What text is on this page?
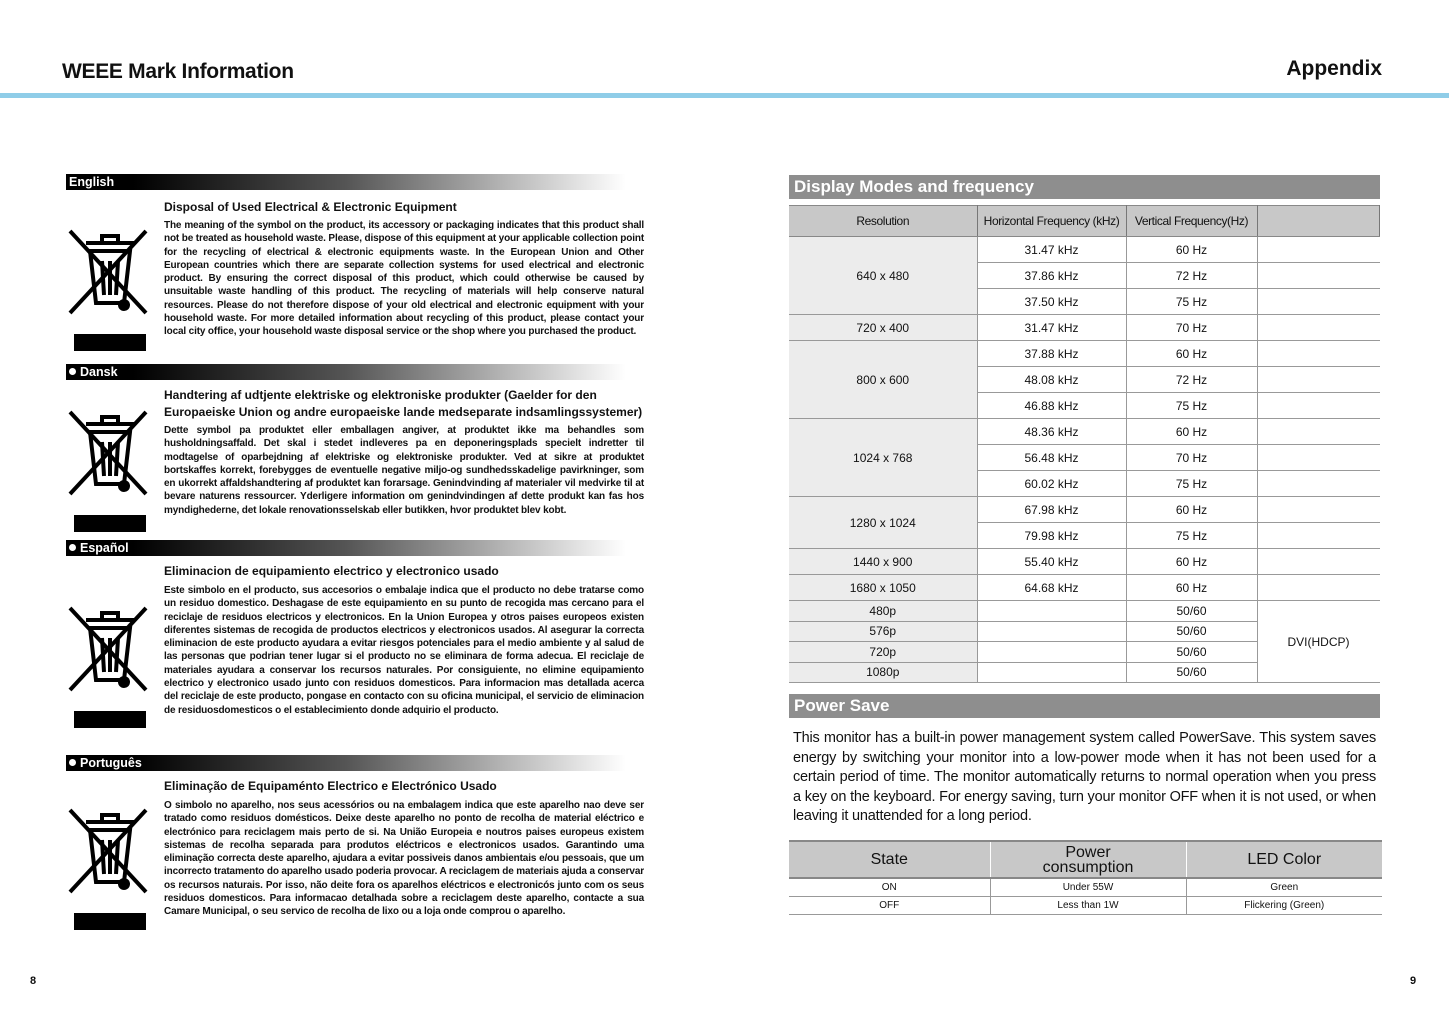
WEEE Mark Information	Appendix
English
Disposal of Used Electrical & Electronic Equipment
The meaning of the symbol on the product, its accessory or packaging indicates that this product shall not be treated as household waste. Please, dispose of this equipment at your applicable collection point for the recycling of electrical & electronic equipments waste. In the European Union and Other European countries which there are separate collection systems for used electrical and electronic product. By ensuring the correct disposal of this product, which could otherwise be caused by unsuitable waste handling of this product. The recycling of materials will help conserve natural resources. Please do not therefore dispose of your old electrical and electronic equipment with your household waste. For more detailed information about recycling of this product, please contact your local city office, your household waste disposal service or the shop where you purchased the product.
Dansk
Handtering af udtjente elektriske og elektroniske produkter (Gaelder for den Europaeiske Union og andre europaeiske lande medseparate indsamlingssystemer)
Dette symbol pa produktet eller emballagen angiver, at produktet ikke ma behandles som husholdningsaffald. Det skal i stedet indleveres pa en deponeringsplads specielt indretter til modtagelse of oparbejdning af elektriske og elektroniske produkter. Ved at sikre at produktet bortskaffes korrekt, forebygges de eventuelle negative miljo-og sundhedsskadelige pavirkninger, som en ukorrekt affaldshandtering af produktet kan forarsage. Genindvinding af materialer vil medvirke til at bevare naturens ressourcer. Yderligere information om genindvindingen af dette produkt kan fas hos myndighederne, det lokale renovationsselskab eller butikken, hvor produktet blev kobt.
Español
Eliminacion de equipamiento electrico y electronico usado
Este simbolo en el producto, sus accesorios o embalaje indica que el producto no debe tratarse como un residuo domestico. Deshagase de este equipamiento en su punto de recogida mas cercano para el reciclaje de residuos electricos y electronicos. En la Union Europea y otros paises europeos existen diferentes sistemas de recogida de productos electricos y electronicos usados. Al asegurar la correcta eliminacion de este producto ayudara a evitar riesgos potenciales para el medio ambiente y al salud de las personas que podrian tener lugar si el producto no se eliminara de forma adecua. El reciclaje de materiales ayudara a conservar los recursos naturales. Por consiguiente, no elimine equipamiento electrico y electronico usado junto con residuos domesticos. Para informacion mas detallada acerca del reciclaje de este producto, pongase en contacto con su oficina municipal, el servicio de eliminacion de residuosdomesticos o el establecimiento donde adquirio el producto.
Português
Eliminação de Equipaménto Electrico e Electrónico Usado
O simbolo no aparelho, nos seus acessórios ou na embalagem indica que este aparelho nao deve ser tratado como residuos domésticos. Deixe deste aparelho no ponto de recolha de material eléctrico e electrónico para reciclagem mais perto de si. Na União Europeia e noutros paises europeus existem sistemas de recolha separada para produtos eléctricos e electronicos usados. Garantindo uma eliminação correcta deste aparelho, ajudara a evitar possiveis danos ambientais e/ou pessoais, que um incorrecto tratamento do aparelho usado poderia provocar. A reciclagem de materiais ajuda a conservar os recursos naturais. Por isso, não deite fora os aparelhos eléctricos e electronicós junto com os seus residuos domesticos. Para informacao detalhada sobre a reciclagem deste aparelho, contacte a sua Camare Municipal, o seu servico de recolha de lixo ou a loja onde comprou o aparelho.
8	9
Display Modes and frequency
Resolution	Horizontal Frequency (kHz)	Vertical Frequency(Hz)	
640 x 480	31.47 kHz	60 Hz	
	37.86 kHz	72 Hz	
	37.50 kHz	75 Hz	
720 x 400	31.47 kHz	70 Hz	
800 x 600	37.88 kHz	60 Hz	
	48.08 kHz	72 Hz	
	46.88 kHz	75 Hz	
1024 x 768	48.36 kHz	60 Hz	
	56.48 kHz	70 Hz	
	60.02 kHz	75 Hz	
1280 x 1024	67.98 kHz	60 Hz	
	79.98 kHz	75 Hz	
1440 x 900	55.40 kHz	60 Hz	
1680 x 1050	64.68 kHz	60 Hz	
480p		50/60	DVI(HDCP)
576p		50/60	
720p		50/60	
1080p		50/60	
Power Save
This monitor has a built-in power management system called PowerSave. This system saves energy by switching your monitor into a low-power mode when it has not been used for a certain period of time. The monitor automatically returns to normal operation when you press a key on the keyboard. For energy saving, turn your monitor OFF when it is not used, or when leaving it unattended for a long period.
State	Power consumption	LED Color
ON	Under 55W	Green
OFF	Less than 1W	Flickering (Green)
